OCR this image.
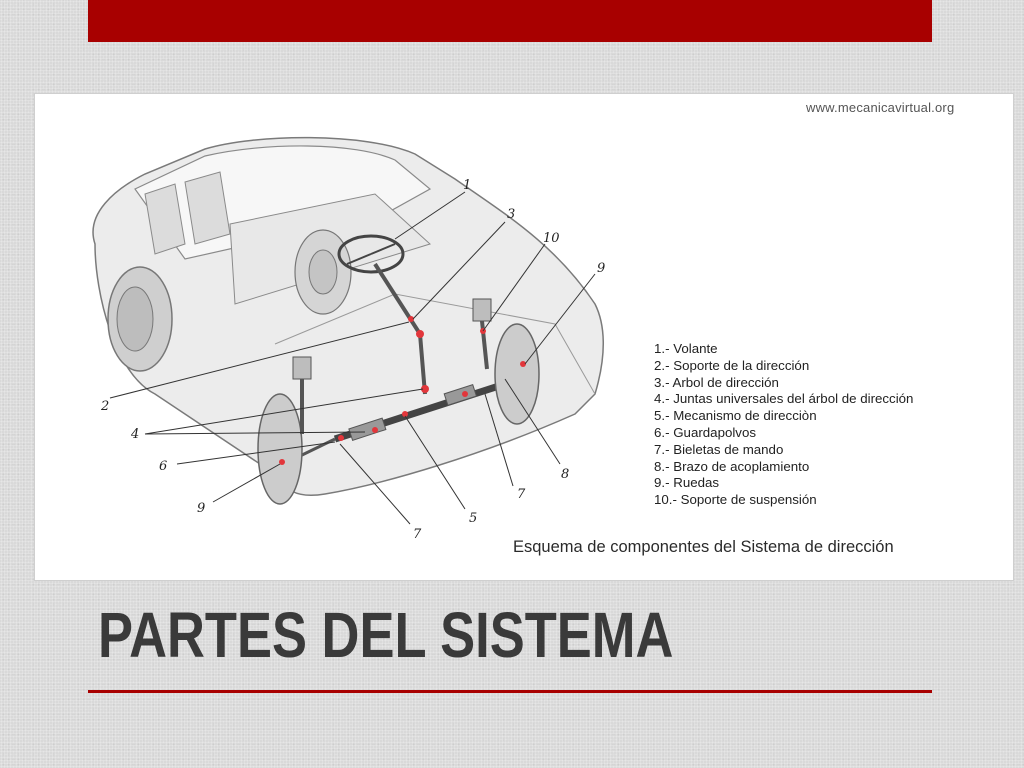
1
2
3
4
5
6
7
7
8
9
9
10
www.mecanicavirtual.org
1.- Volante
2.- Soporte de la dirección
3.- Arbol de dirección
4.- Juntas universales del árbol de dirección
5.- Mecanismo de direcciòn
6.- Guardapolvos
7.- Bieletas de mando
8.- Brazo de acoplamiento
9.- Ruedas
10.- Soporte de suspensión
Esquema de componentes del Sistema de dirección
PARTES DEL SISTEMA
